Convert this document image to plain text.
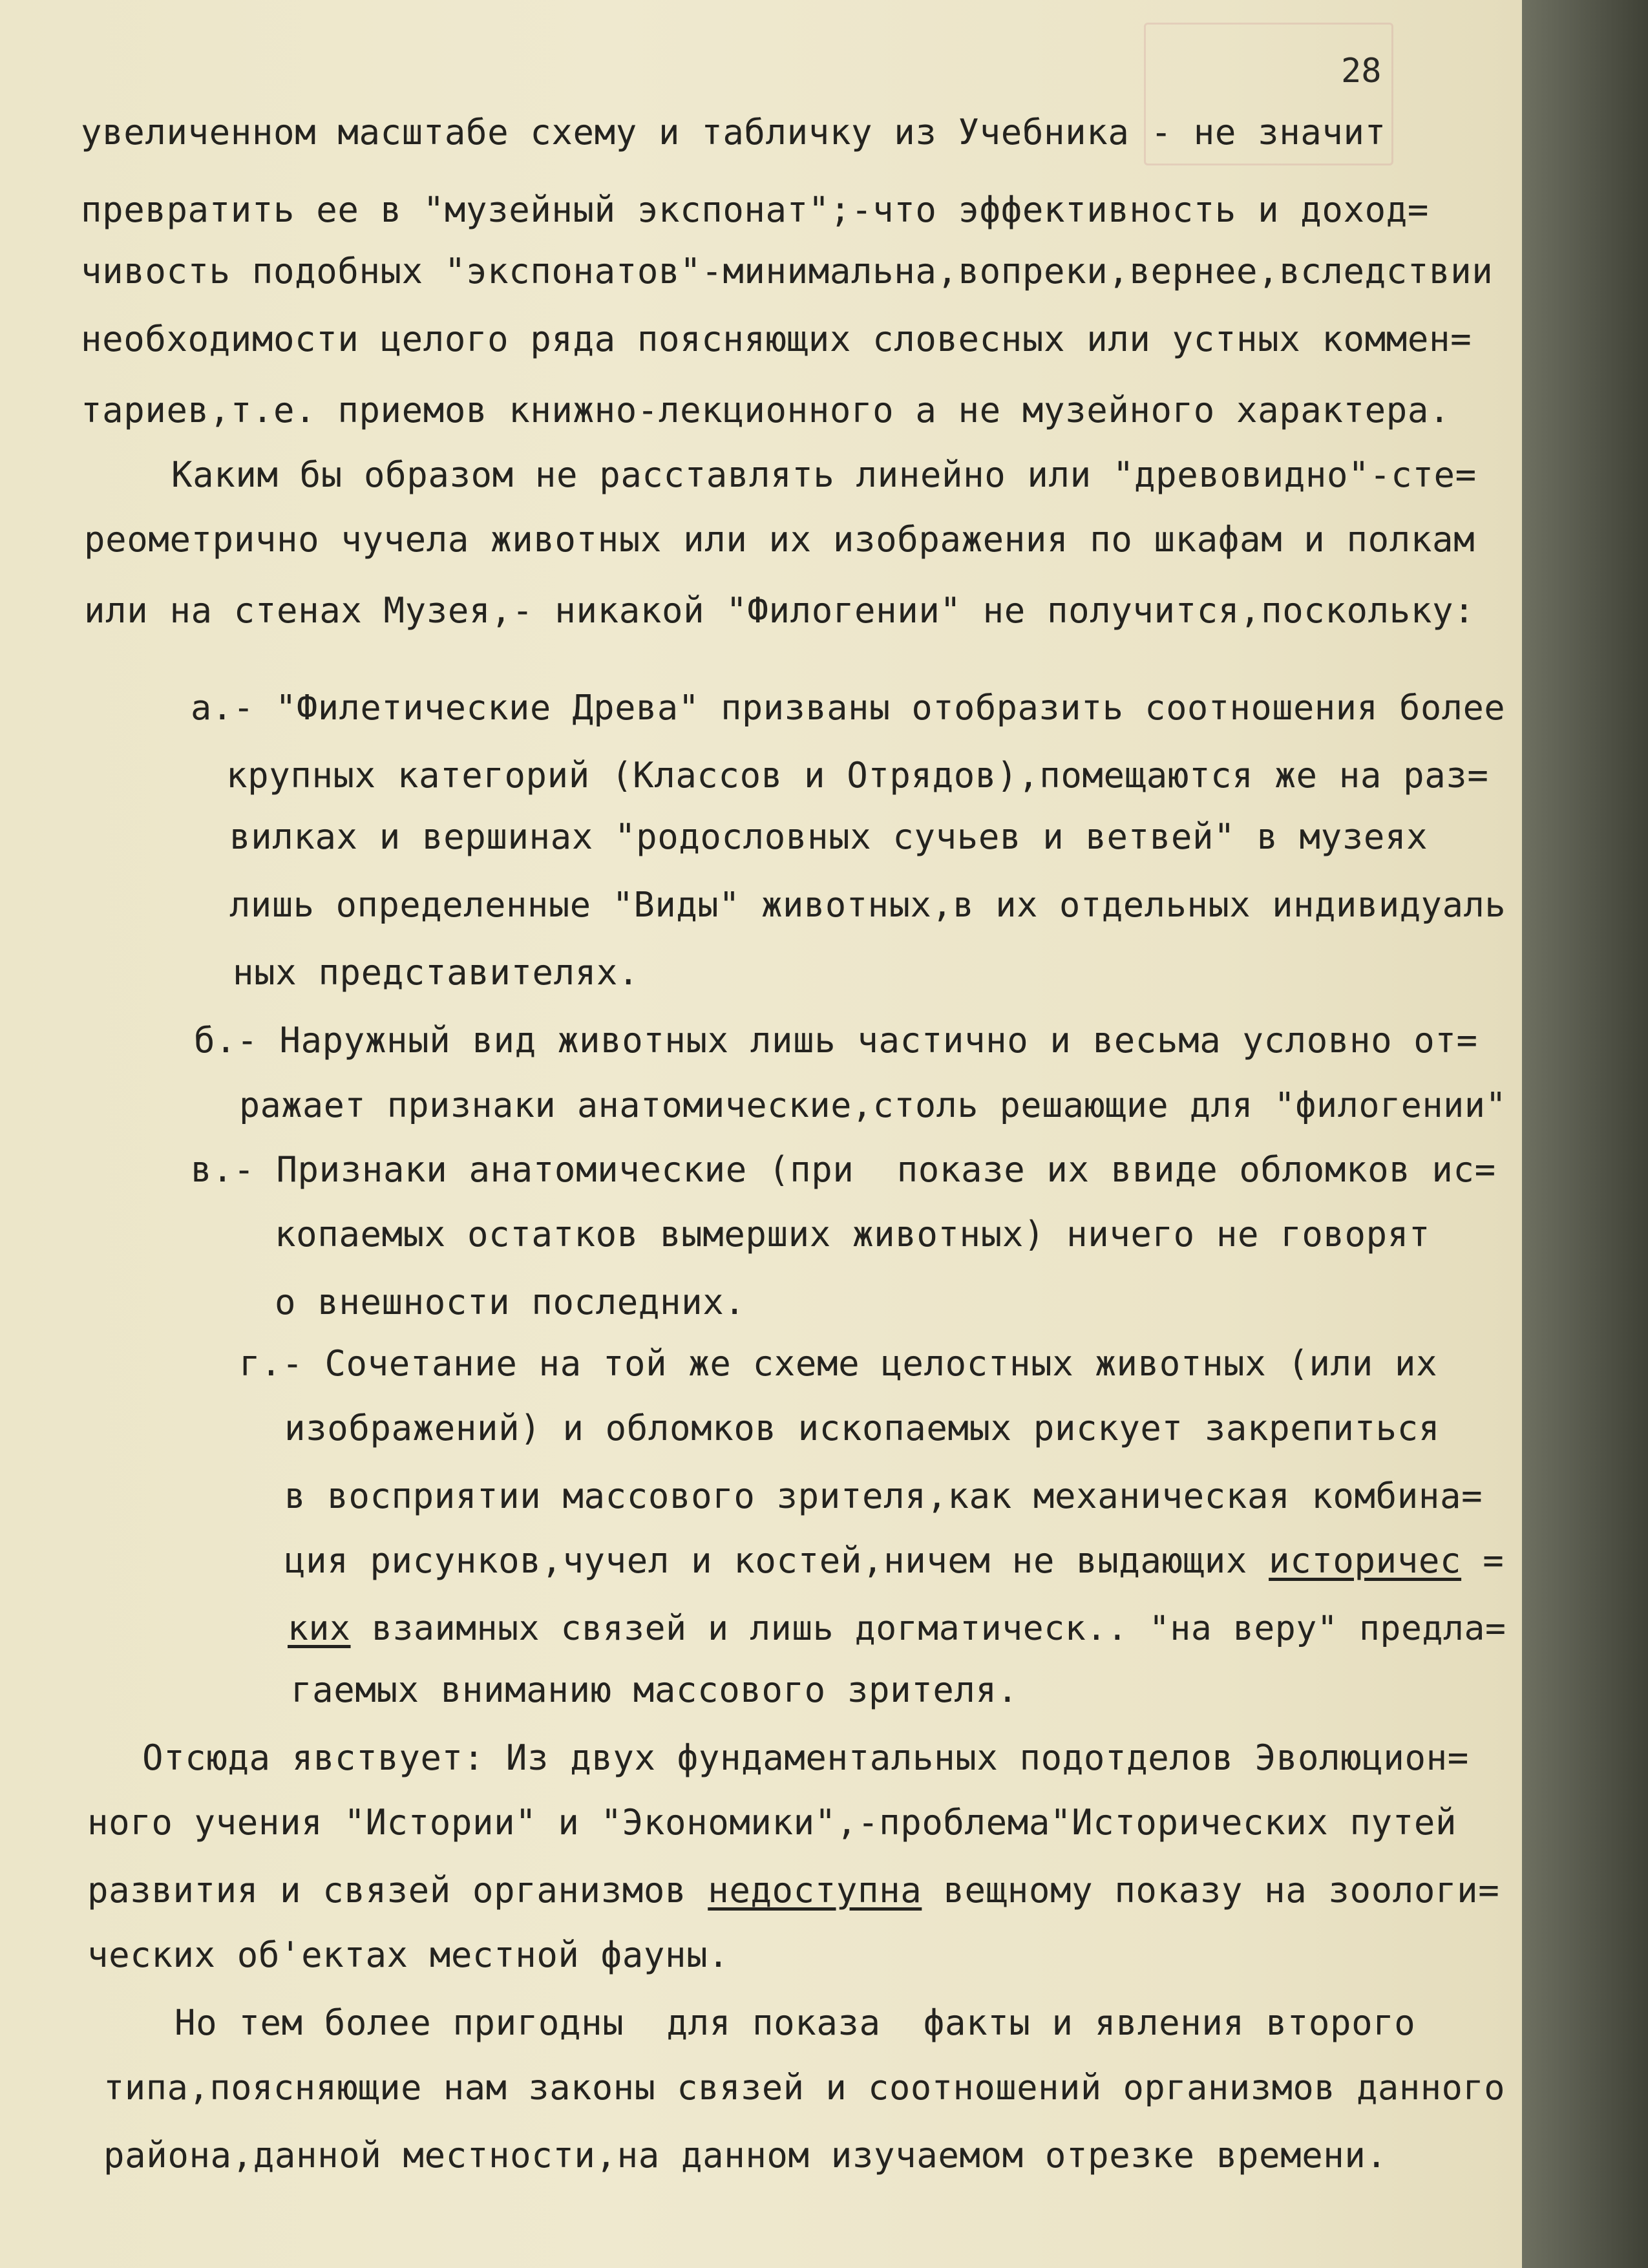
28
увеличенном масштабе схему и табличку из Учебника - не значит
превратить ее в "музейный экспонат";-что эффективность и доход=
чивость подобных "экспонатов"-минимальна,вопреки,вернее,вследствии
необходимости целого ряда поясняющих словесных или устных коммен=
тариев,т.е. приемов книжно-лекционного а не музейного характера.
Каким бы образом не расставлять линейно или "древовидно"-сте=
реометрично чучела животных или их изображения по шкафам и полкам
или на стенах Музея,- никакой "Филогении" не получится,поскольку:
а.- "Филетические Древа" призваны отобразить соотношения более
крупных категорий (Классов и Отрядов),помещаются же на раз=
вилках и вершинах "родословных сучьев и ветвей" в музеях
лишь определенные "Виды" животных,в их отдельных индивидуаль
ных представителях.
б.- Наружный вид животных лишь частично и весьма условно от=
ражает признаки анатомические,столь решающие для "филогении"
в.- Признаки анатомические (при  показе их ввиде обломков ис=
копаемых остатков вымерших животных) ничего не говорят
о внешности последних.
г.- Сочетание на той же схеме целостных животных (или их
изображений) и обломков ископаемых рискует закрепиться
в восприятии массового зрителя,как механическая комбина=
ция рисунков,чучел и костей,ничем не выдающих историчес =
ких взаимных связей и лишь догматическ.. "на веру" предла=
гаемых вниманию массового зрителя.
Отсюда явствует: Из двух фундаментальных подотделов Эволюцион=
ного учения "Истории" и "Экономики",-проблема"Исторических путей
развития и связей организмов недоступна вещному показу на зоологи=
ческих об'ектах местной фауны.
Но тем более пригодны  для показа  факты и явления второго
типа,поясняющие нам законы связей и соотношений организмов данного
района,данной местности,на данном изучаемом отрезке времени.
